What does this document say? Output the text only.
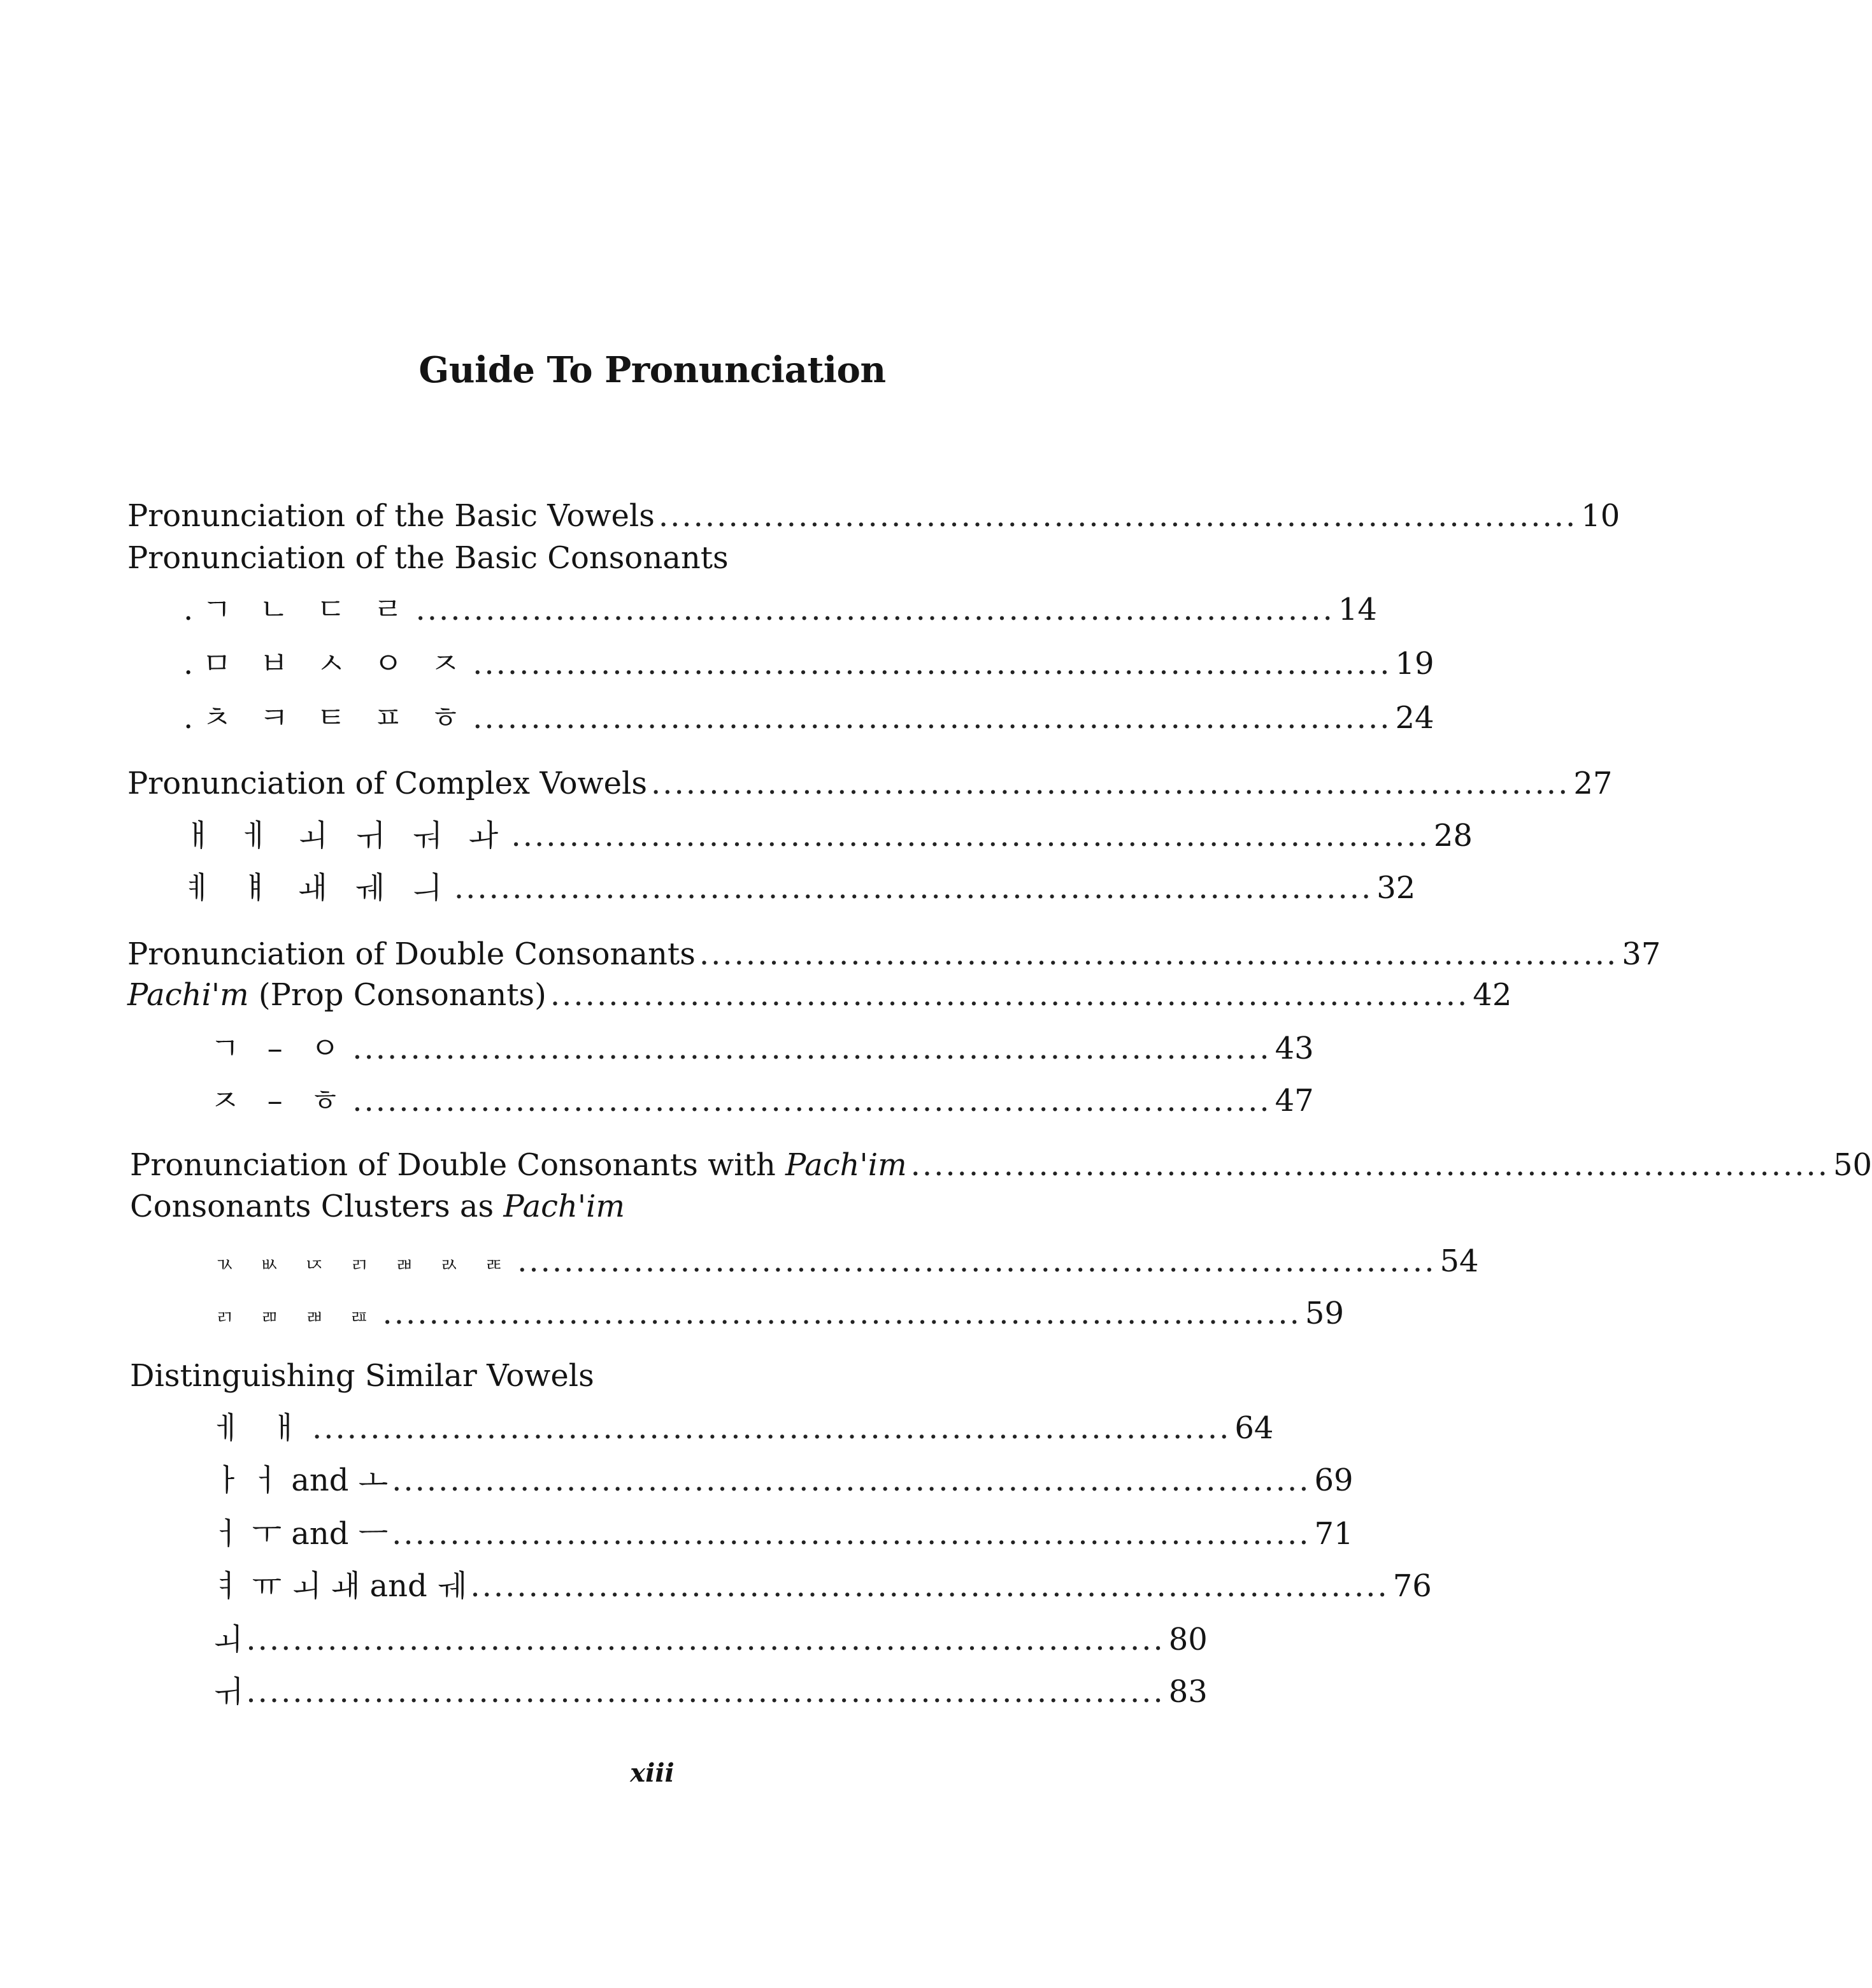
Guide To Pronunciation
Pronunciation of the Basic Vowels ............................................................................... 10
Pronunciation of the Basic Consonants
.ㄱ ㄴ ㄷ ㄹ ............................................................................... 14
.ㅁ ㅂ ㅅ ㅇ ㅈ ............................................................................... 19
.ㅊ ㅋ ㅌ ㅍ ㅎ ............................................................................... 24
Pronunciation of Complex Vowels ............................................................................... 27
ㅐ ㅔ ㅚ ㅟ ㅝ ㅘ ............................................................................... 28
ㅖ ㅒ ㅙ ㅞ ㅢ ............................................................................... 32
Pronunciation of Double Consonants ............................................................................... 37
Pachi'm (Prop Consonants) ............................................................................... 42
ㄱ – ㅇ ............................................................................... 43
ㅈ – ㅎ ............................................................................... 47
Pronunciation of Double Consonants with Pach'im ............................................................................... 50
Consonants Clusters as Pach'im
ㄳ ㅄ ㄵ ㄺ ㄼ ㄽ ㄾ ............................................................................... 54
ㄺ ㄻ ㄼ ㄿ ............................................................................... 59
Distinguishing Similar Vowels
ㅔ ㅐ ............................................................................... 64
ㅏ ㅓ and ㅗ ............................................................................... 69
ㅓ ㅜ and ㅡ ............................................................................... 71
ㅕ ㅠ ㅚ ㅙ and ㅞ ............................................................................... 76
ㅚ ............................................................................... 80
ㅟ ............................................................................... 83
xiii
